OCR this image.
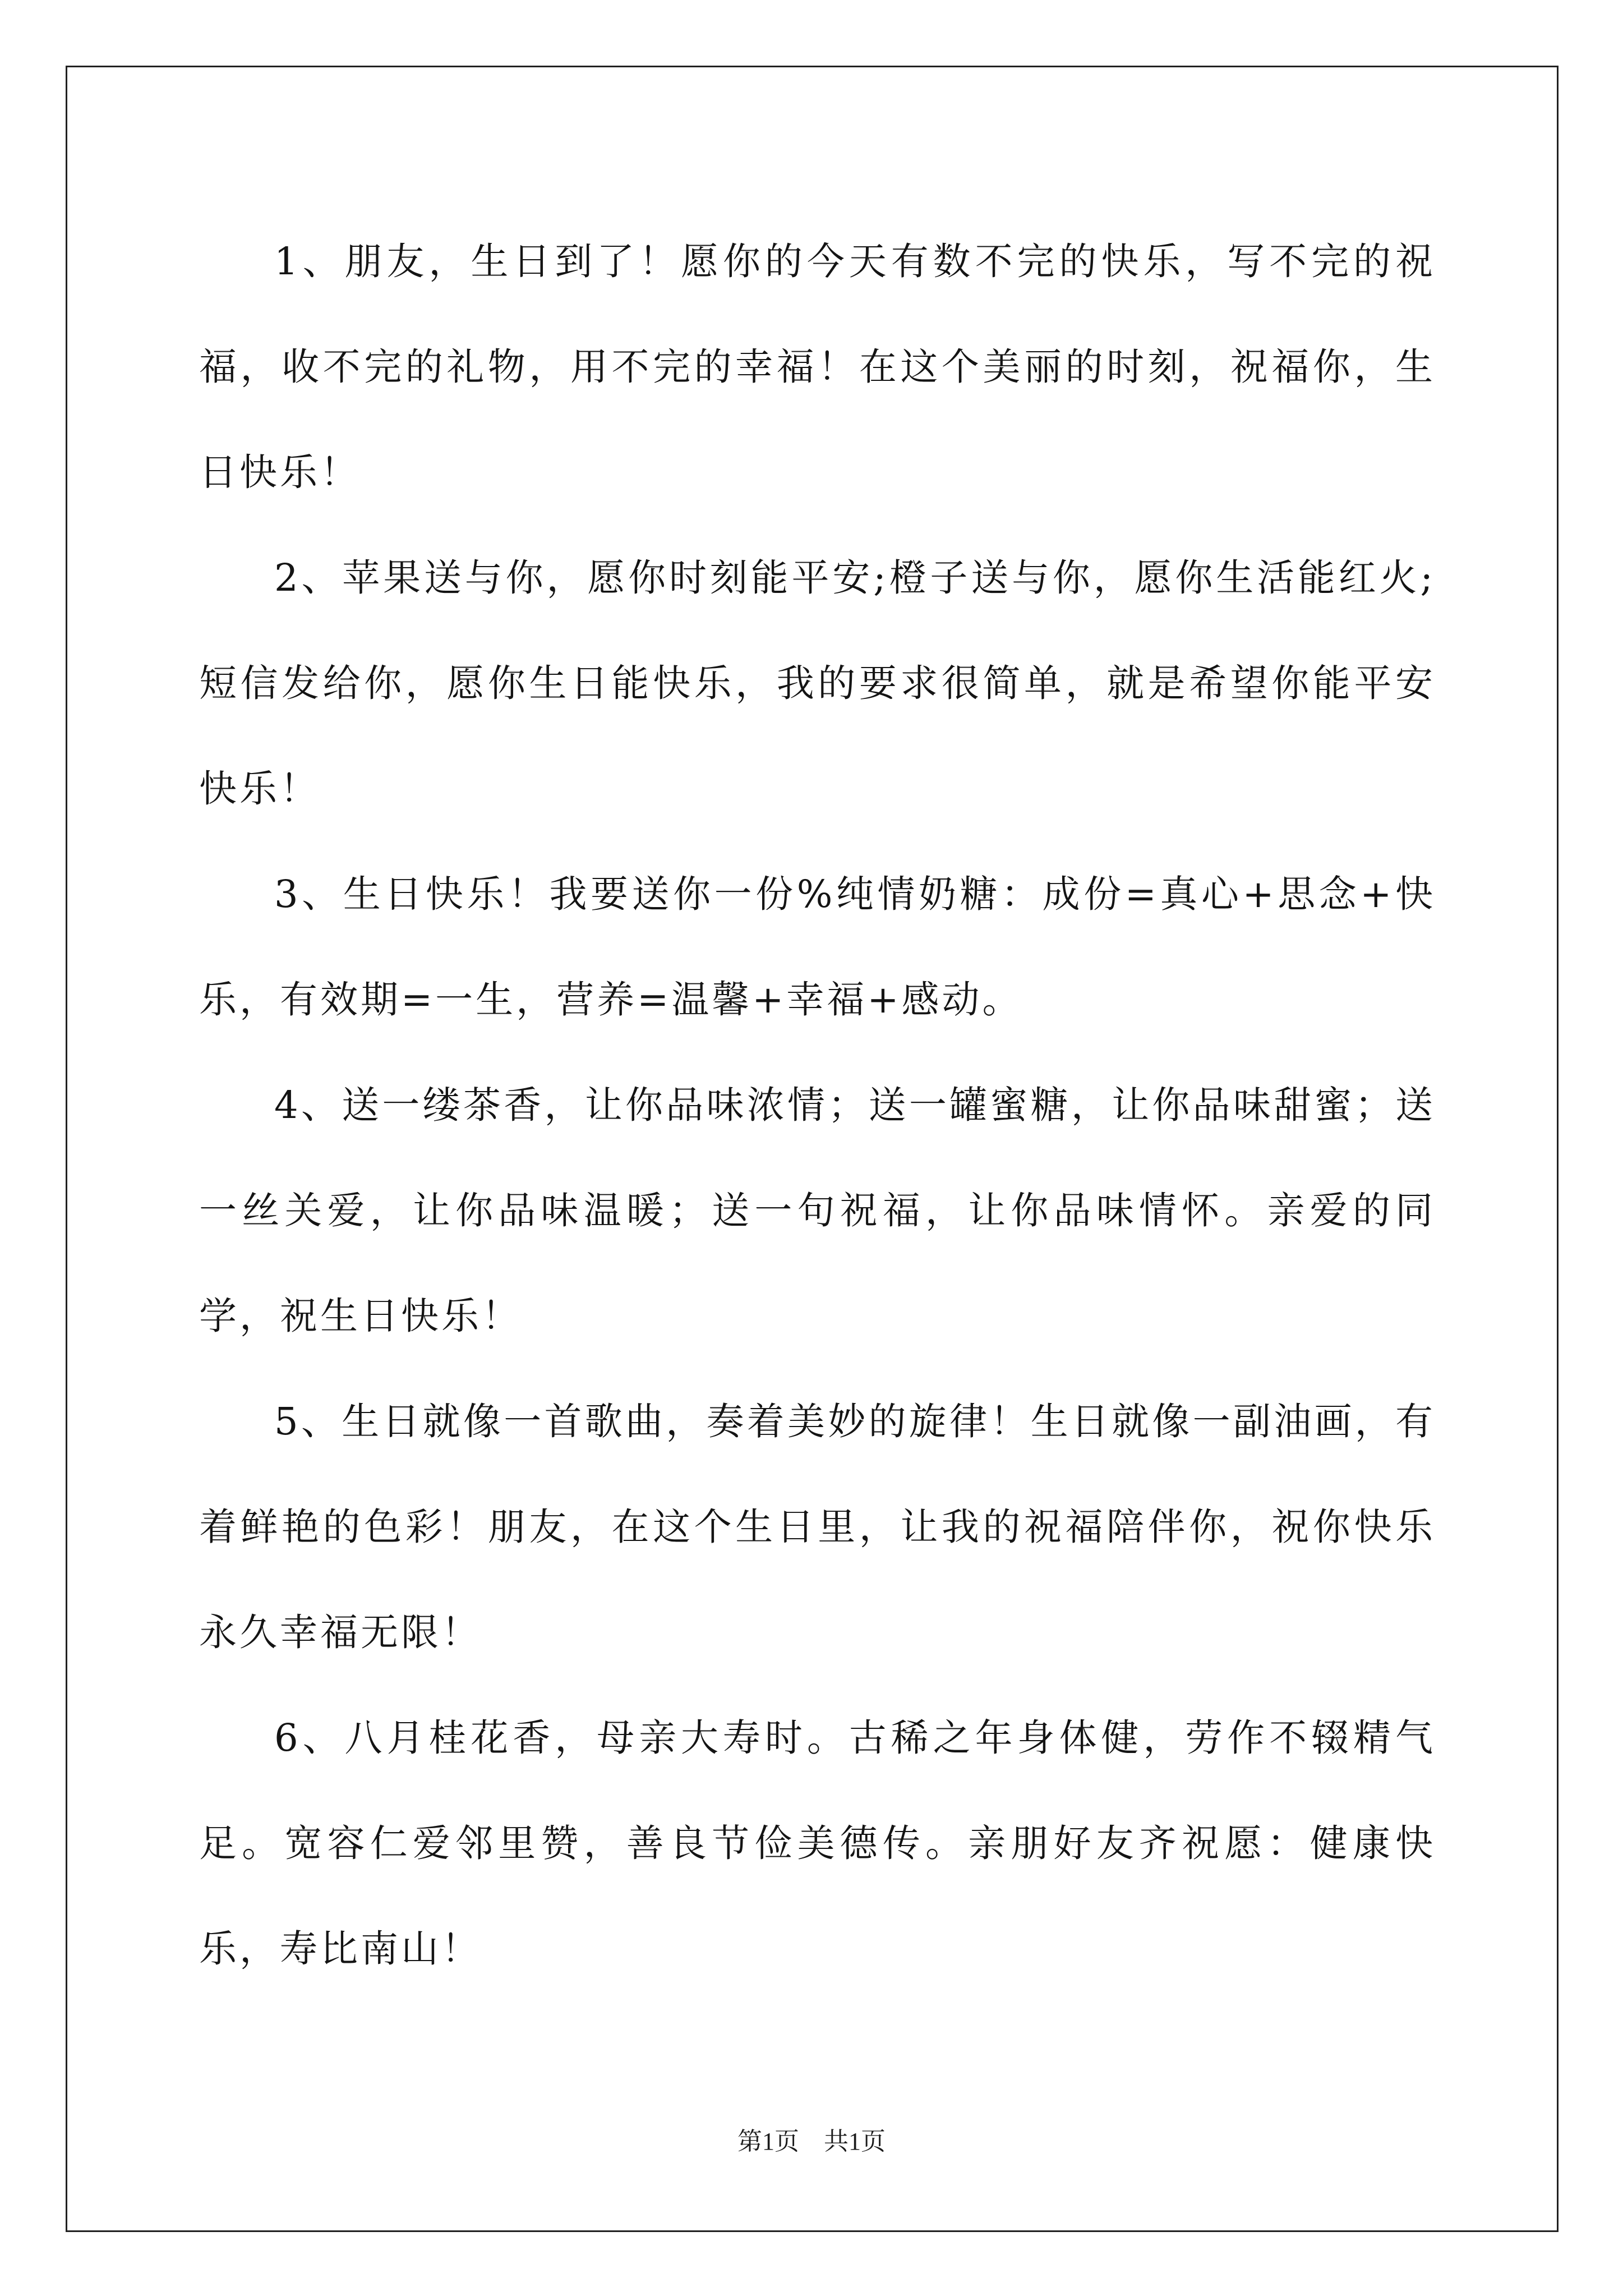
1、朋友，生日到了！愿你的今天有数不完的快乐，写不完的祝福，收不完的礼物，用不完的幸福！在这个美丽的时刻，祝福你，生日快乐！

2、苹果送与你，愿你时刻能平安;橙子送与你，愿你生活能红火;短信发给你，愿你生日能快乐，我的要求很简单，就是希望你能平安快乐！

3、生日快乐！我要送你一份%纯情奶糖：成份=真心+思念+快乐，有效期=一生，营养=温馨+幸福+感动。

4、送一缕茶香，让你品味浓情；送一罐蜜糖，让你品味甜蜜；送一丝关爱，让你品味温暖；送一句祝福，让你品味情怀。亲爱的同学，祝生日快乐！

5、生日就像一首歌曲，奏着美妙的旋律！生日就像一副油画，有着鲜艳的色彩！朋友，在这个生日里，让我的祝福陪伴你，祝你快乐永久幸福无限！

6、八月桂花香，母亲大寿时。古稀之年身体健，劳作不辍精气足。宽容仁爱邻里赞，善良节俭美德传。亲朋好友齐祝愿：健康快乐，寿比南山！

第1页　共1页
